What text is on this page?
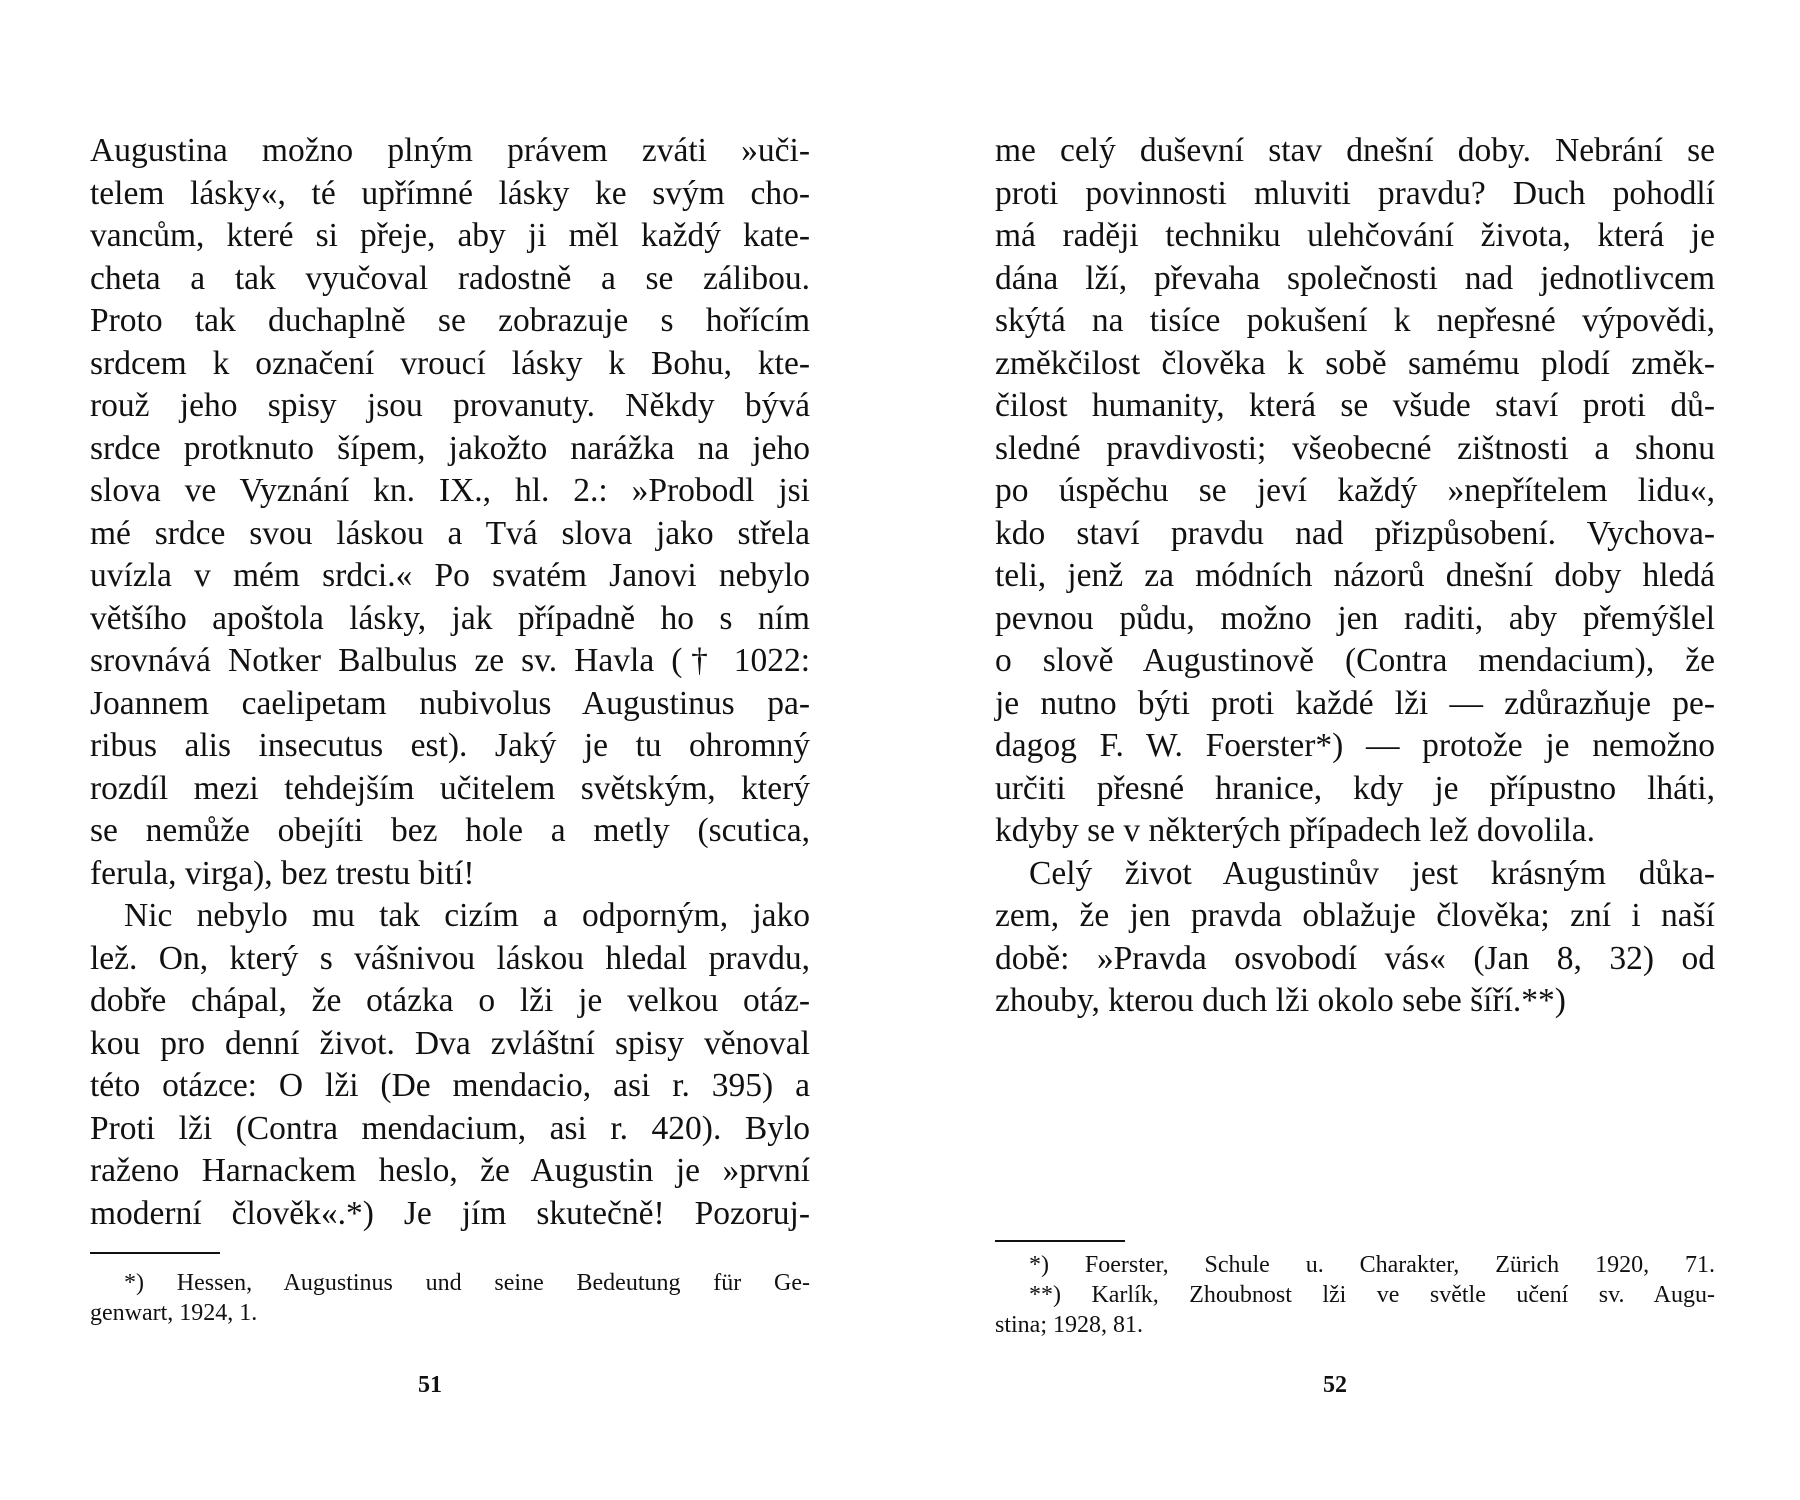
Augustina možno plným právem zváti »uči-
telem lásky«, té upřímné lásky ke svým cho-
vancům, které si přeje, aby ji měl každý kate-
cheta a tak vyučoval radostně a se zálibou.
Proto tak duchaplně se zobrazuje s hořícím
srdcem k označení vroucí lásky k Bohu, kte-
rouž jeho spisy jsou provanuty. Někdy bývá
srdce protknuto šípem, jakožto narážka na jeho
slova ve Vyznání kn. IX., hl. 2.: »Probodl jsi
mé srdce svou láskou a Tvá slova jako střela
uvízla v mém srdci.« Po svatém Janovi nebylo
většího apoštola lásky, jak případně ho s ním
srovnává Notker Balbulus ze sv. Havla († 1022:
Joannem caelipetam nubivolus Augustinus pa-
ribus alis insecutus est). Jaký je tu ohromný
rozdíl mezi tehdejším učitelem světským, který
se nemůže obejíti bez hole a metly (scutica,
ferula, virga), bez trestu bití!
Nic nebylo mu tak cizím a odporným, jako
lež. On, který s vášnivou láskou hledal pravdu,
dobře chápal, že otázka o lži je velkou otáz-
kou pro denní život. Dva zvláštní spisy věnoval
této otázce: O lži (De mendacio, asi r. 395) a
Proti lži (Contra mendacium, asi r. 420). Bylo
raženo Harnackem heslo, že Augustin je »první
moderní člověk«.*) Je jím skutečně! Pozoruj-
*) Hessen, Augustinus und seine Bedeutung für Ge-
genwart, 1924, 1.
51
me celý duševní stav dnešní doby. Nebrání se
proti povinnosti mluviti pravdu? Duch pohodlí
má raději techniku ulehčování života, která je
dána lží, převaha společnosti nad jednotlivcem
skýtá na tisíce pokušení k nepřesné výpovědi,
změkčilost člověka k sobě samému plodí změk-
čilost humanity, která se všude staví proti dů-
sledné pravdivosti; všeobecné zištnosti a shonu
po úspěchu se jeví každý »nepřítelem lidu«,
kdo staví pravdu nad přizpůsobení. Vychova-
teli, jenž za módních názorů dnešní doby hledá
pevnou půdu, možno jen raditi, aby přemýšlel
o slově Augustinově (Contra mendacium), že
je nutno býti proti každé lži — zdůrazňuje pe-
dagog F. W. Foerster*) — protože je nemožno
určiti přesné hranice, kdy je přípustno lháti,
kdyby se v některých případech lež dovolila.
Celý život Augustinův jest krásným důka-
zem, že jen pravda oblažuje člověka; zní i naší
době: »Pravda osvobodí vás« (Jan 8, 32) od
zhouby, kterou duch lži okolo sebe šíří.**)
*) Foerster, Schule u. Charakter, Zürich 1920, 71.
**) Karlík, Zhoubnost lži ve světle učení sv. Augu-
stina; 1928, 81.
52
